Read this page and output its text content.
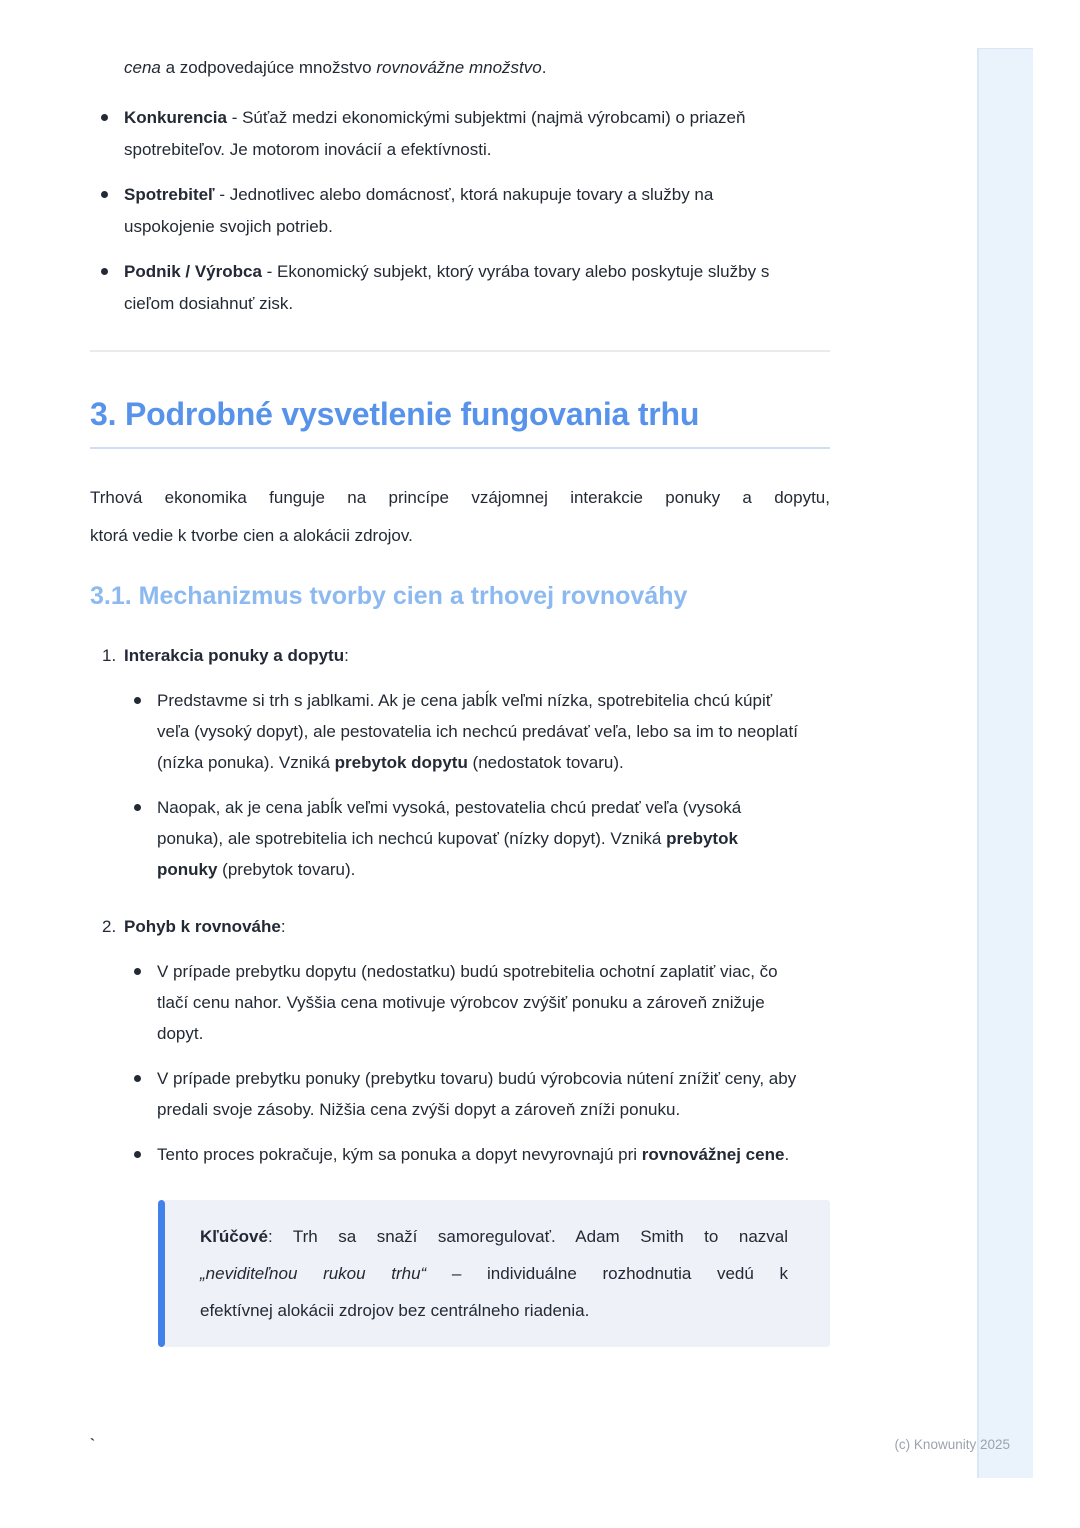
cena a zodpovedajúce množstvo rovnovážne množstvo.

Konkurencia - Súťaž medzi ekonomickými subjektmi (najmä výrobcami) o priazeň spotrebiteľov. Je motorom inovácií a efektívnosti.
Spotrebiteľ - Jednotlivec alebo domácnosť, ktorá nakupuje tovary a služby na uspokojenie svojich potrieb.
Podnik / Výrobca - Ekonomický subjekt, ktorý vyrába tovary alebo poskytuje služby s cieľom dosiahnuť zisk.
3. Podrobné vysvetlenie fungovania trhu
Trhová ekonomika funguje na princípe vzájomnej interakcie ponuky a dopytu,
ktorá vedie k tvorbe cien a alokácii zdrojov.
3.1. Mechanizmus tvorby cien a trhovej rovnováhy
1. Interakcia ponuky a dopytu:
Predstavme si trh s jablkami. Ak je cena jabĺk veľmi nízka, spotrebitelia chcú kúpiť veľa (vysoký dopyt), ale pestovatelia ich nechcú predávať veľa, lebo sa im to neoplatí (nízka ponuka). Vzniká prebytok dopytu (nedostatok tovaru).
Naopak, ak je cena jabĺk veľmi vysoká, pestovatelia chcú predať veľa (vysoká ponuka), ale spotrebitelia ich nechcú kupovať (nízky dopyt). Vzniká prebytok ponuky (prebytok tovaru).
2. Pohyb k rovnováhe:
V prípade prebytku dopytu (nedostatku) budú spotrebitelia ochotní zaplatiť viac, čo tlačí cenu nahor. Vyššia cena motivuje výrobcov zvýšiť ponuku a zároveň znižuje dopyt.
V prípade prebytku ponuky (prebytku tovaru) budú výrobcovia nútení znížiť ceny, aby predali svoje zásoby. Nižšia cena zvýši dopyt a zároveň zníži ponuku.
Tento proces pokračuje, kým sa ponuka a dopyt nevyrovnajú pri rovnovážnej cene.
Kľúčové: Trh sa snaží samoregulovať. Adam Smith to nazval
„neviditeľnou rukou trhu“ – individuálne rozhodnutia vedú k
efektívnej alokácii zdrojov bez centrálneho riadenia.
`	(c) Knowunity 2025
